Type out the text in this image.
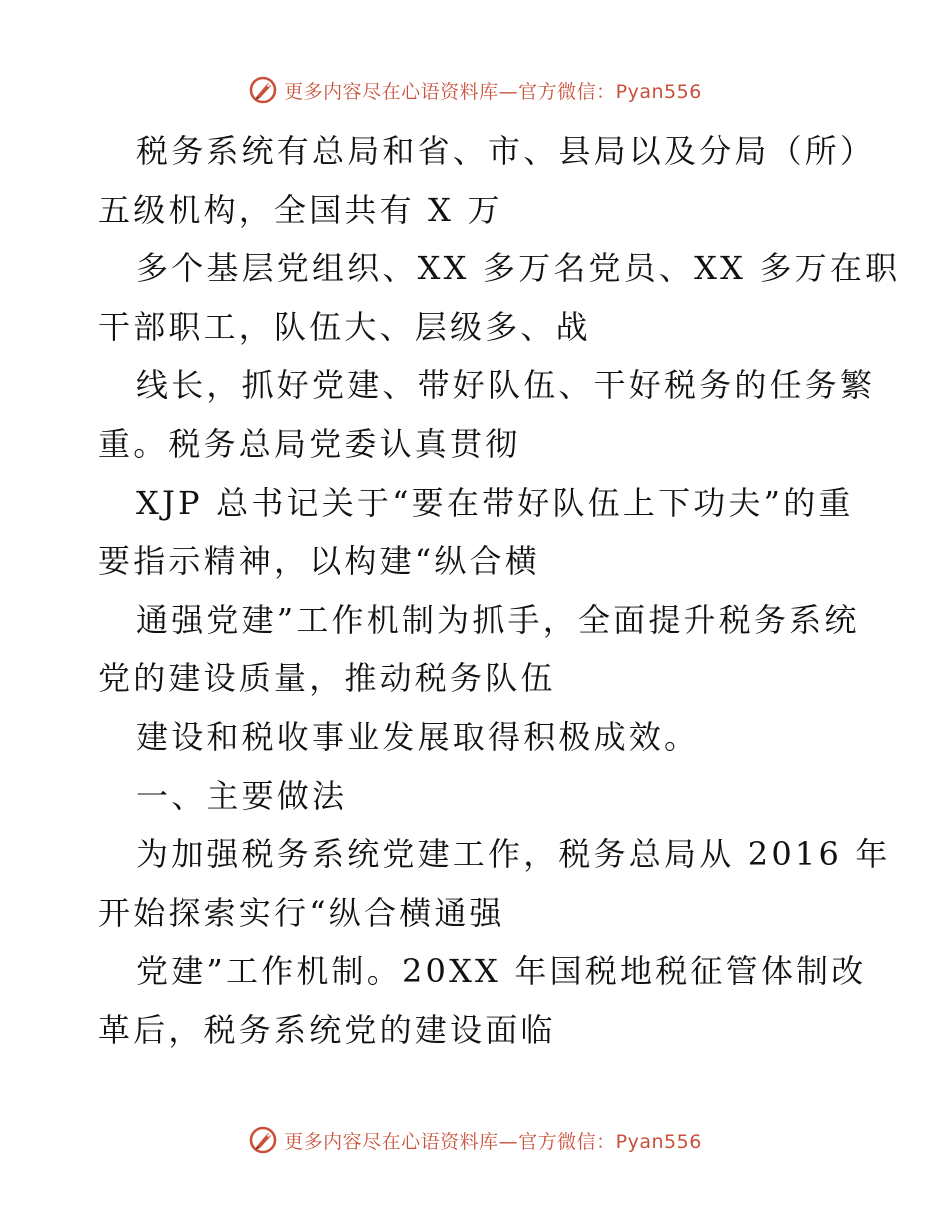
更多内容尽在心语资料库—官方微信：Pyan556
税务系统有总局和省、市、县局以及分局（所）
五级机构，全国共有 X 万
多个基层党组织、XX 多万名党员、XX 多万在职
干部职工，队伍大、层级多、战
线长，抓好党建、带好队伍、干好税务的任务繁
重。税务总局党委认真贯彻
XJP 总书记关于“要在带好队伍上下功夫”的重
要指示精神，以构建“纵合横
通强党建”工作机制为抓手，全面提升税务系统
党的建设质量，推动税务队伍
建设和税收事业发展取得积极成效。
一、主要做法
为加强税务系统党建工作，税务总局从 2016 年
开始探索实行“纵合横通强
党建”工作机制。20XX 年国税地税征管体制改
革后，税务系统党的建设面临
更多内容尽在心语资料库—官方微信：Pyan556
